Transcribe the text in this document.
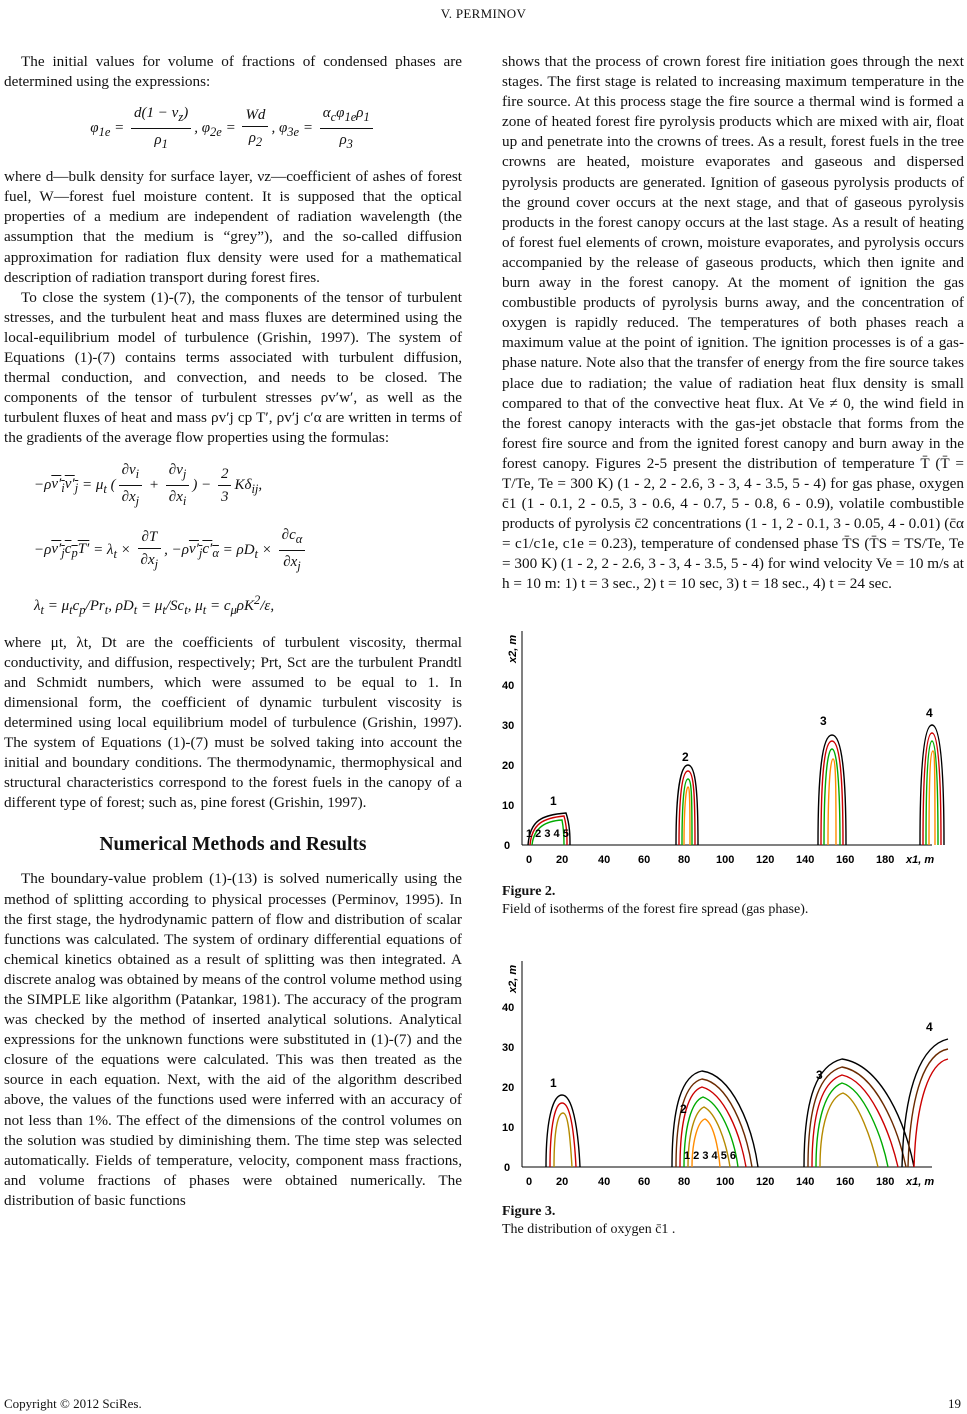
V. PERMINOV

The initial values for volume of fractions of condensed phases are determined using the expressions:

$\varphi_{1e} = \frac{d(1 - \nu_z)}{\rho_1}$ , $\varphi_{2e} = \frac{Wd}{\rho_2}$ , $\varphi_{3e} = \frac{\alpha_c\varphi_{1e}\rho_1}{\rho_3}$

where d—bulk density for surface layer, νz—coefficient of ashes of forest fuel, W—forest fuel moisture content. It is supposed that the optical properties of a medium are independent of radiation wavelength (the assumption that the medium is “grey”), and the so-called diffusion approximation for radiation flux density were used for a mathematical description of radiation transport during forest fires.

To close the system (1)-(7), the components of the tensor of turbulent stresses, and the turbulent heat and mass fluxes are determined using the local-equilibrium model of turbulence (Grishin, 1997). The system of Equations (1)-(7) contains terms associated with turbulent diffusion, thermal conduction, and convection, and needs to be closed. The components of the tensor of turbulent stresses ρv′w′, as well as the turbulent fluxes of heat and mass ρv′j cp T′, ρv′j c′α are written in terms of the gradients of the average flow properties using the formulas:

$-\rho v'_iv'_j = \mu_t$ ( $\frac{\partial v_i}{\partial x_j} + \frac{\partial v_j}{\partial x_i}$ ) − $\frac{2}{3} K\delta_{ij}$,
$-\rho v'_jc_pT' = \lambda_t \times \frac{\partial T}{\partial x_j}$ , $-\rho v'_jc'_\alpha = \rho D_t \times \frac{\partial c_\alpha}{\partial x_j}$
$\lambda_t = \mu_tc_p/Pr_t$, $\rho D_t = \mu_t/Sc_t$, $\mu_t = c_\mu\rho K^2/\varepsilon$,

where μt, λt, Dt are the coefficients of turbulent viscosity, thermal conductivity, and diffusion, respectively; Prt, Sct are the turbulent Prandtl and Schmidt numbers, which were assumed to be equal to 1. In dimensional form, the coefficient of dynamic turbulent viscosity is determined using local equilibrium model of turbulence (Grishin, 1997). The system of Equations (1)-(7) must be solved taking into account the initial and boundary conditions. The thermodynamic, thermophysical and structural characteristics correspond to the forest fuels in the canopy of a different type of forest; such as, pine forest (Grishin, 1997).

Numerical Methods and Results

The boundary-value problem (1)-(13) is solved numerically using the method of splitting according to physical processes (Perminov, 1995). In the first stage, the hydrodynamic pattern of flow and distribution of scalar functions was calculated. The system of ordinary differential equations of chemical kinetics obtained as a result of splitting was then integrated. A discrete analog was obtained by means of the control volume method using the SIMPLE like algorithm (Patankar, 1981). The accuracy of the program was checked by the method of inserted analytical solutions. Analytical expressions for the unknown functions were substituted in (1)-(7) and the closure of the equations were calculated. This was then treated as the source in each equation. Next, with the aid of the algorithm described above, the values of the functions used were inferred with an accuracy of not less than 1%. The effect of the dimensions of the control volumes on the solution was studied by diminishing them. The time step was selected automatically. Fields of temperature, velocity, component mass fractions, and volume fractions of phases were obtained numerically. The distribution of basic functions

shows that the process of crown forest fire initiation goes through the next stages. The first stage is related to increasing maximum temperature in the fire source. At this process stage the fire source a thermal wind is formed a zone of heated forest fire pyrolysis products which are mixed with air, float up and penetrate into the crowns of trees. As a result, forest fuels in the tree crowns are heated, moisture evaporates and gaseous and dispersed pyrolysis products are generated. Ignition of gaseous pyrolysis products of the ground cover occurs at the next stage, and that of gaseous pyrolysis products in the forest canopy occurs at the last stage. As a result of heating of forest fuel elements of crown, moisture evaporates, and pyrolysis occurs accompanied by the release of gaseous products, which then ignite and burn away in the forest canopy. At the moment of ignition the gas combustible products of pyrolysis burns away, and the concentration of oxygen is rapidly reduced. The temperatures of both phases reach a maximum value at the point of ignition. The ignition processes is of a gas-phase nature. Note also that the transfer of energy from the fire source takes place due to radiation; the value of radiation heat flux density is small compared to that of the convective heat flux. At Ve ≠ 0, the wind field in the forest canopy interacts with the gas-jet obstacle that forms from the forest fire source and from the ignited forest canopy and burn away in the forest canopy. Figures 2-5 present the distribution of temperature T̄ (T̄ = T/Te, Te = 300 K) (1 - 2, 2 - 2.6, 3 - 3, 4 - 3.5, 5 - 4) for gas phase, oxygen c̄1 (1 - 0.1, 2 - 0.5, 3 - 0.6, 4 - 0.7, 5 - 0.8, 6 - 0.9), volatile combustible products of pyrolysis c̄2 concentrations (1 - 1, 2 - 0.1, 3 - 0.05, 4 - 0.01) (c̄α = c1/c1e, c1e = 0.23), temperature of condensed phase T̄S (T̄S = TS/Te, Te = 300 K) (1 - 2, 2 - 2.6, 3 - 3, 4 - 3.5, 5 - 4) for wind velocity Ve = 10 m/s at h = 10 m: 1) t = 3 sec., 2) t = 10 sec, 3) t = 18 sec., 4) t = 24 sec.

0
10
20
30
40
x2, m
0 20	40	60	80 100 120 140 160 180 x1, m
1
2
3
4
1 2 3 4 5
Figure 2.
Field of isotherms of the forest fire spread (gas phase).
0
10
20
30
40
x2, m
0 20	40	60	80 100 120 140 160 180 x1, m
1
2
3
4
1 2 3 4 5 6
Figure 3.
The distribution of oxygen c̄1 .
Copyright © 2012 SciRes.	19
